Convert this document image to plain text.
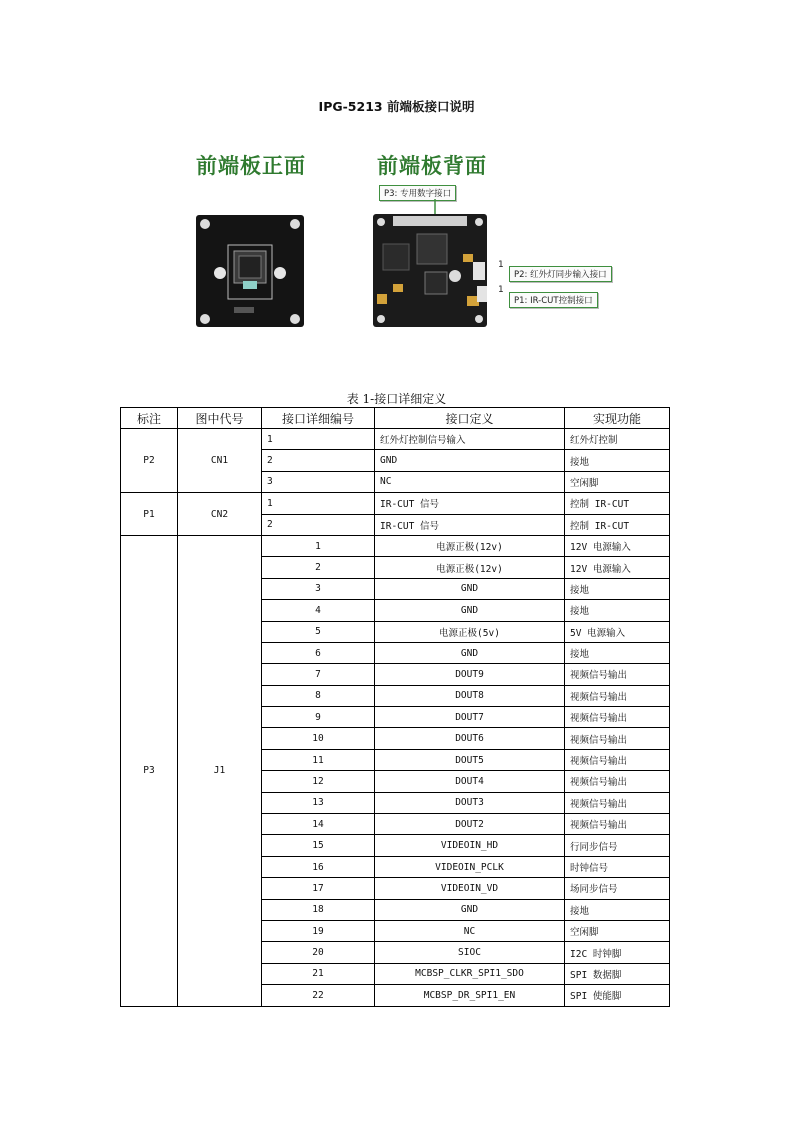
IPG-5213 前端板接口说明
前端板正面	前端板背面
P3: 专用数字接口
1
P2: 红外灯同步输入接口
1
P1: IR-CUT控制接口
表 1-接口详细定义
标注	图中代号	接口详细编号	接口定义	实现功能
P2	CN1	1	红外灯控制信号输入	红外灯控制
		2	GND	接地
		3	NC	空闲脚
P1	CN2	1	IR-CUT 信号	控制 IR-CUT
		2	IR-CUT 信号	控制 IR-CUT
P3	J1	1	电源正极(12v)	12V 电源输入
		2	电源正极(12v)	12V 电源输入
		3	GND	接地
		4	GND	接地
		5	电源正极(5v)	5V 电源输入
		6	GND	接地
		7	DOUT9	视频信号输出
		8	DOUT8	视频信号输出
		9	DOUT7	视频信号输出
		10	DOUT6	视频信号输出
		11	DOUT5	视频信号输出
		12	DOUT4	视频信号输出
		13	DOUT3	视频信号输出
		14	DOUT2	视频信号输出
		15	VIDEOIN_HD	行同步信号
		16	VIDEOIN_PCLK	时钟信号
		17	VIDEOIN_VD	场同步信号
		18	GND	接地
		19	NC	空闲脚
		20	SIOC	I2C 时钟脚
		21	MCBSP_CLKR_SPI1_SDO	SPI 数据脚
		22	MCBSP_DR_SPI1_EN	SPI 使能脚
